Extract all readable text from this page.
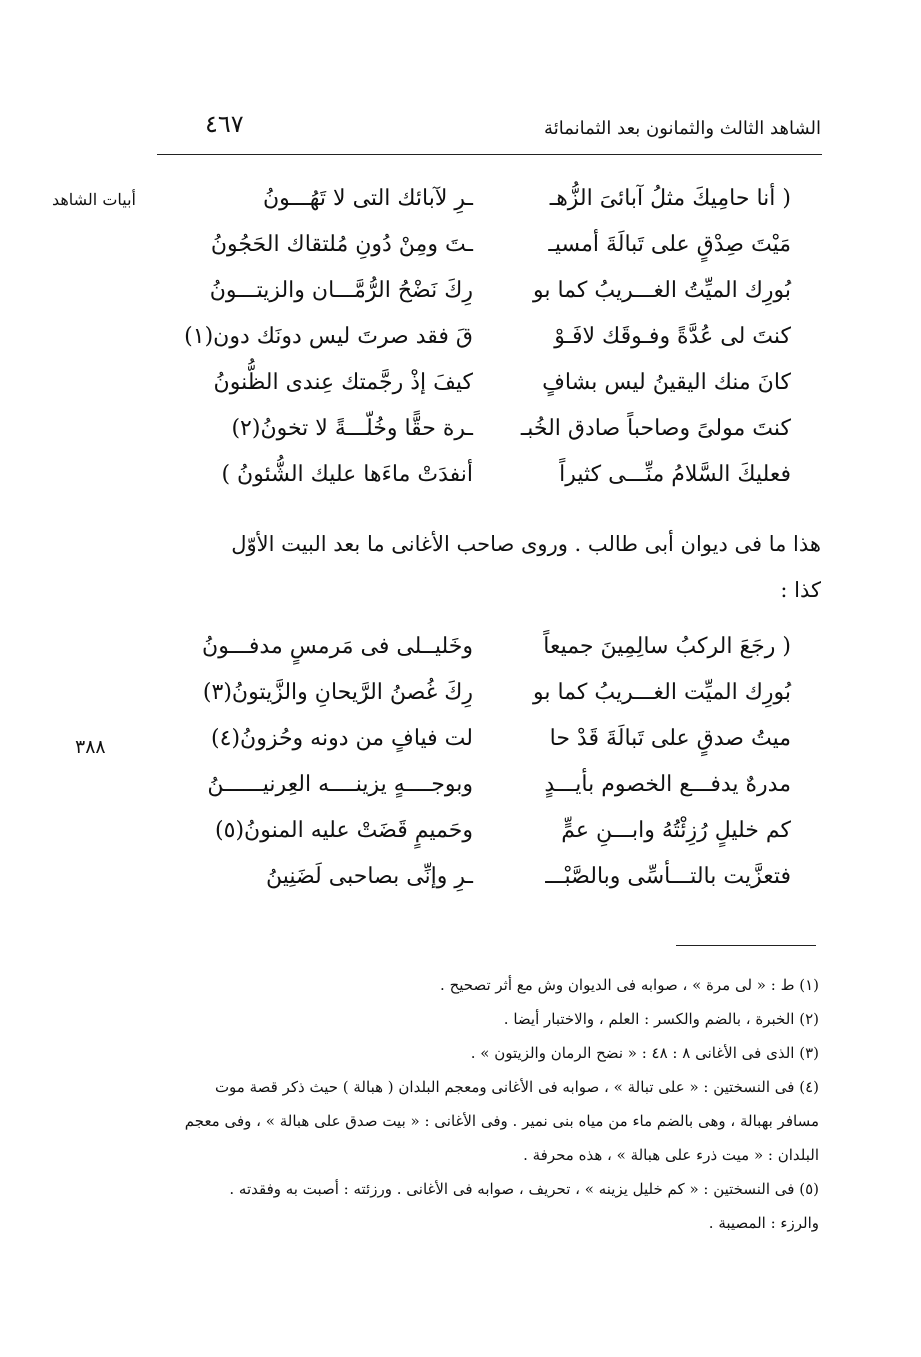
الشاهد الثالث والثمانون بعد الثمانمائة
٤٦٧
أبيات الشاهد
٣٨٨
( أنا حامِيكَ مثلُ آبائىَ الزُّهـ
ـرِ لآبائك التى لا تَهُـــونُ
مَيْتَ صِدْقٍ على تَبالَةَ أمسيـ
ـتَ ومِنْ دُونِ مُلتقاك الحَجُونُ
بُورِك الميِّتُ الغـــريبُ كما بو
رِكَ نَضْحُ الرُّمَّـــان والزيتـــونُ
كنتَ لى عُدَّةً وفـوقَك لافَـوْ
قَ فقد صرتَ ليس دونَك دون(١)
كانَ منك اليقينُ ليس بشافٍ
كيفَ إذْ رجَّمتك عِندى الظُّنونُ
كنتَ مولىً وصاحباً صادق الخُبـ
ـرة حقًّا وخُلّـــةً لا تخونُ(٢)
فعليكَ السَّلامُ منِّـــى كثيراً
أنفدَتْ ماءَها عليك الشُّئونُ )
هذا ما فى ديوان أبى طالب . وروى صاحب الأغانى ما بعد البيت الأوّل
كذا :
( رجَعَ الركبُ سالِمِينَ جميعاً
وخَليــلى فى مَرمسٍ مدفـــونُ
بُورِك الميِّت الغـــريبُ كما بو
رِكَ غُصنُ الرَّيحانِ والزَّيتونُ(٣)
ميتُ صدقٍ على تَبالَةَ قَدْ حا
لت فيافٍ من دونه وحُزونُ(٤)
مدرهٌ يدفـــع الخصوم بأيـــدٍ
وبوجــــهٍ يزينــــه العِرنيــــــنُ
كم خليلٍ رُزِئْتُهُ وابـــنِ عمٍّ
وحَميمٍ قَضَتْ عليه المنونُ(٥)
فتعزَّيت بالتـــأسِّى وبالصَّبْـــ
ـرِ وإنِّى بصاحبى لَضَنِينُ

(١) ط : « لى مرة » ، صوابه فى الديوان وش مع أثر تصحيح .

(٢) الخبرة ، بالضم والكسر : العلم ، والاختبار أيضا .

(٣) الذى فى الأغانى ٨ : ٤٨ : « نضح الرمان والزيتون » .

(٤) فى النسختين : « على تبالة » ، صوابه فى الأغانى ومعجم البلدان ( هبالة ) حيث ذكر قصة موت

مسافر بهبالة ، وهى بالضم ماء من مياه بنى نمير . وفى الأغانى : « بيت صدق على هبالة » ، وفى معجم

البلدان : « ميت ذرء على هبالة » ، هذه محرفة .

(٥) فى النسختين : « كم خليل يزينه » ، تحريف ، صوابه فى الأغانى . ورزئته : أصبت به وفقدته .

والرزء : المصيبة .
